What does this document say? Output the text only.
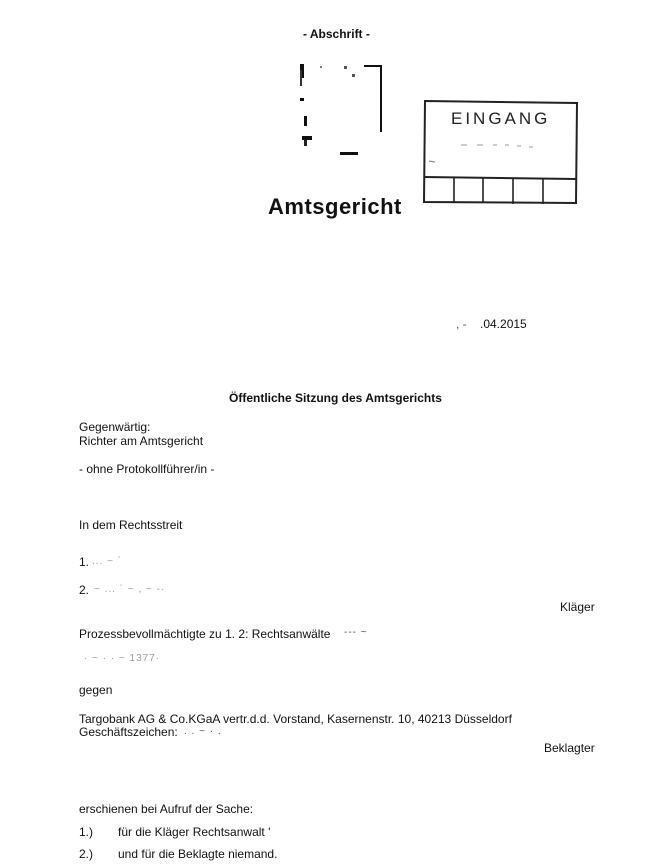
- Abschrift -
EINGANG
Amtsgericht
, - .04.2015
Öffentliche Sitzung des Amtsgerichts
Gegenwärtig:
Richter am Amtsgericht
- ohne Protokollführer/in -
In dem Rechtsstreit
1. ... ~ ´
2. ~ ... ´ ~ , ~ -·
Kläger
Prozessbevollmächtigte zu 1. 2: Rechtsanwälte --- ~
· ~ · · ~ 1377·
gegen
Targobank AG & Co.KGaA vertr.d.d. Vorstand, Kasernenstr. 10, 40213 Düsseldorf
Geschäftszeichen: . . ~ · .
Beklagter
erschienen bei Aufruf der Sache:
1.) für die Kläger Rechtsanwalt '
2.) und für die Beklagte niemand.
